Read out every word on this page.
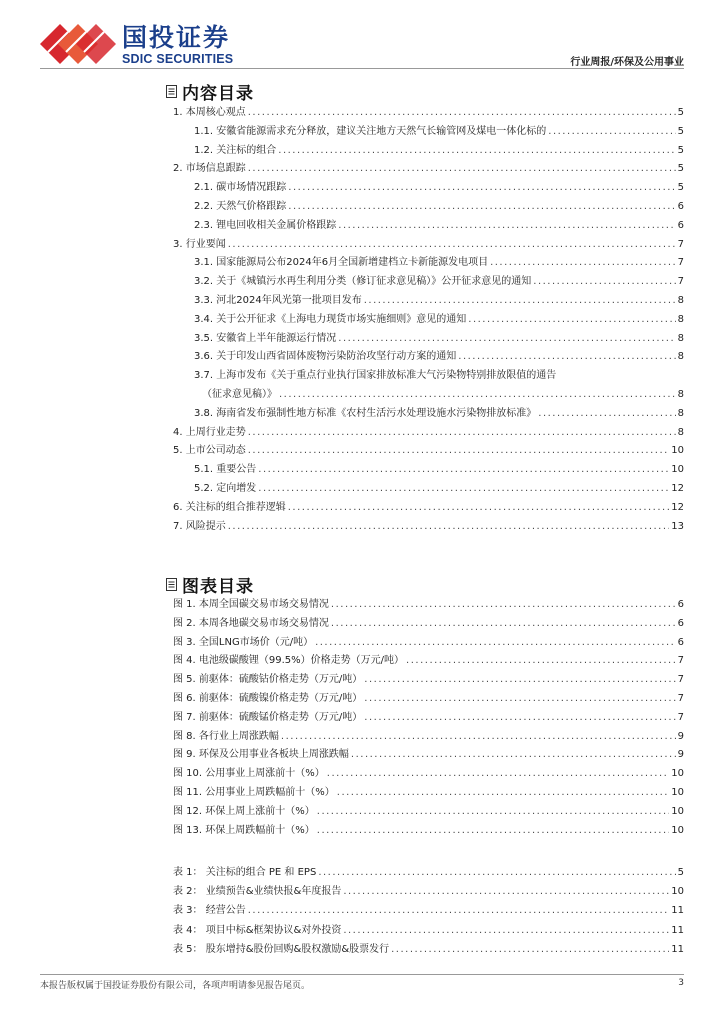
国投证券
SDIC SECURITIES	行业周报/环保及公用事业
内容目录
1. 本周核心观点 .....	5
1.1. 安徽省能源需求充分释放，建议关注地方天然气长输管网及煤电一体化标的 .....	5
1.2. 关注标的组合 .....	5
2. 市场信息跟踪 .....	5
2.1. 碳市场情况跟踪 .....	5
2.2. 天然气价格跟踪 .....	6
2.3. 锂电回收相关金属价格跟踪 .....	6
3. 行业要闻 .....	7
3.1. 国家能源局公布2024年6月全国新增建档立卡新能源发电项目 .....	7
3.2. 关于《城镇污水再生利用分类（修订征求意见稿）》公开征求意见的通知 .....	7
3.3. 河北2024年风光第一批项目发布 .....	8
3.4. 关于公开征求《上海电力现货市场实施细则》意见的通知 .....	8
3.5. 安徽省上半年能源运行情况 .....	8
3.6. 关于印发山西省固体废物污染防治攻坚行动方案的通知 .....	8
3.7. 上海市发布《关于重点行业执行国家排放标准大气污染物特别排放限值的通告
（征求意见稿）》 .....	8
3.8. 海南省发布强制性地方标准《农村生活污水处理设施水污染物排放标准》 .....	8
4. 上周行业走势 .....	8
5. 上市公司动态 .....	10
5.1. 重要公告 .....	10
5.2. 定向增发 .....	12
6. 关注标的组合推荐逻辑 .....	12
7. 风险提示 .....	13
图表目录
图 1. 本周全国碳交易市场交易情况 .....	6
图 2. 本周各地碳交易市场交易情况 .....	6
图 3. 全国LNG市场价（元/吨） .....	6
图 4. 电池级碳酸锂（99.5%）价格走势（万元/吨） .....	7
图 5. 前驱体：硫酸钴价格走势（万元/吨） .....	7
图 6. 前驱体：硫酸镍价格走势（万元/吨） .....	7
图 7. 前驱体：硫酸锰价格走势（万元/吨） .....	7
图 8. 各行业上周涨跌幅 .....	9
图 9. 环保及公用事业各板块上周涨跌幅 .....	9
图 10. 公用事业上周涨前十（%） .....	10
图 11. 公用事业上周跌幅前十（%） .....	10
图 12. 环保上周上涨前十（%） .....	10
图 13. 环保上周跌幅前十（%） .....	10
表 1： 关注标的组合 PE 和 EPS .....	5
表 2： 业绩预告&业绩快报&年度报告 .....	10
表 3： 经营公告 .....	11
表 4： 项目中标&框架协议&对外投资 .....	11
表 5： 股东增持&股份回购&股权激励&股票发行 .....	11
本报告版权属于国投证券股份有限公司，各项声明请参见报告尾页。	3
